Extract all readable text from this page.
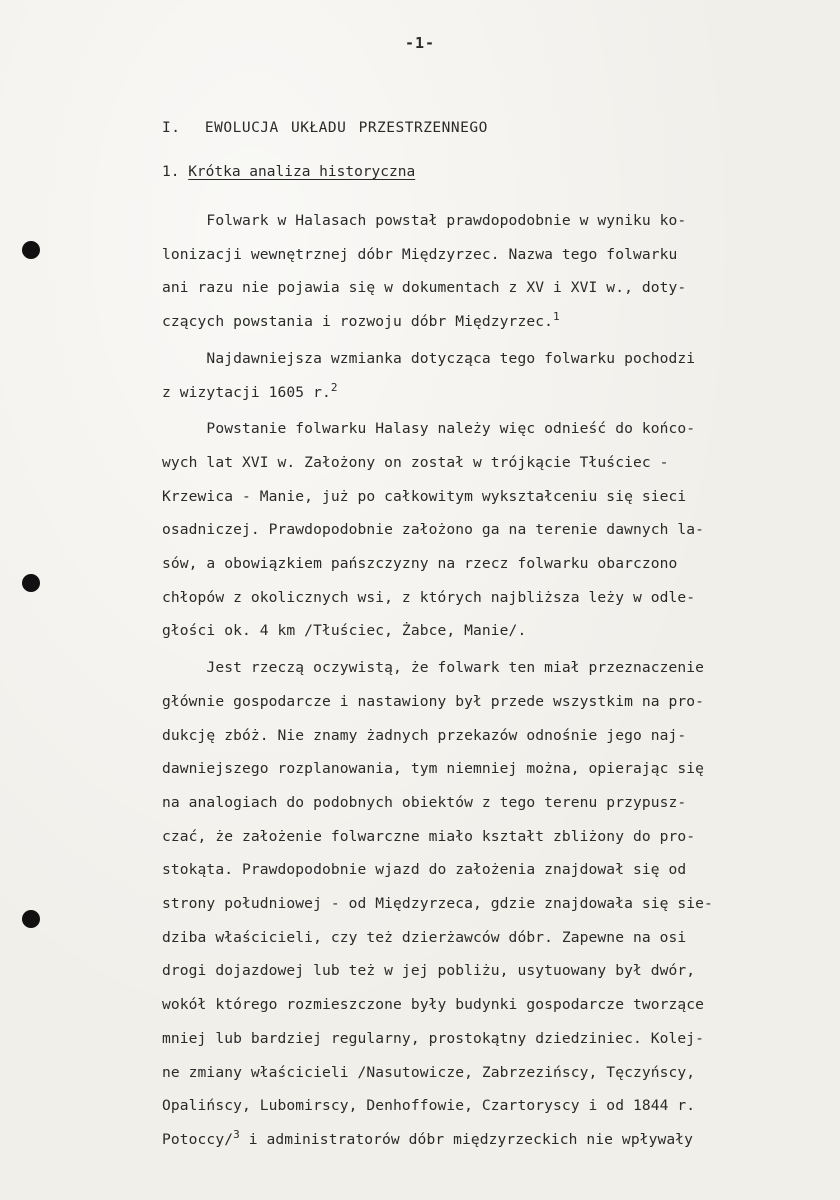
-1-
I.  EWOLUCJA UKŁADU PRZESTRZENNEGO
1. Krótka analiza historyczna
Folwark w Halasach powstał prawdopodobnie w wyniku ko-
lonizacji wewnętrznej dóbr Międzyrzec. Nazwa tego folwarku
ani razu nie pojawia się w dokumentach z XV i XVI w., doty-
czących powstania i rozwoju dóbr Międzyrzec.$^1$
Najdawniejsza wzmianka dotycząca tego folwarku pochodzi
z wizytacji 1605 r.$^2$
Powstanie folwarku Halasy należy więc odnieść do końco-
wych lat XVI w. Założony on został w trójkącie Tłuściec -
Krzewica - Manie, już po całkowitym wykształceniu się sieci
osadniczej. Prawdopodobnie założono ga na terenie dawnych la-
sów, a obowiązkiem pańszczyzny na rzecz folwarku obarczono
chłopów z okolicznych wsi, z których najbliższa leży w odle-
głości ok. 4 km /Tłuściec, Żabce, Manie/.
Jest rzeczą oczywistą, że folwark ten miał przeznaczenie
głównie gospodarcze i nastawiony był przede wszystkim na pro-
dukcję zbóż. Nie znamy żadnych przekazów odnośnie jego naj-
dawniejszego rozplanowania, tym niemniej można, opierając się
na analogiach do podobnych obiektów z tego terenu przypusz-
czać, że założenie folwarczne miało kształt zbliżony do pro-
stokąta. Prawdopodobnie wjazd do założenia znajdował się od
strony południowej - od Międzyrzeca, gdzie znajdowała się sie-
dziba właścicieli, czy też dzierżawców dóbr. Zapewne na osi
drogi dojazdowej lub też w jej pobliżu, usytuowany był dwór,
wokół którego rozmieszczone były budynki gospodarcze tworzące
mniej lub bardziej regularny, prostokątny dziedziniec. Kolej-
ne zmiany właścicieli /Nasutowicze, Zabrzezińscy, Tęczyńscy,
Opalińscy, Lubomirscy, Denhoffowie, Czartoryscy i od 1844 r.
Potoccy/$^3$ i administratorów dóbr międzyrzeckich nie wpływały
